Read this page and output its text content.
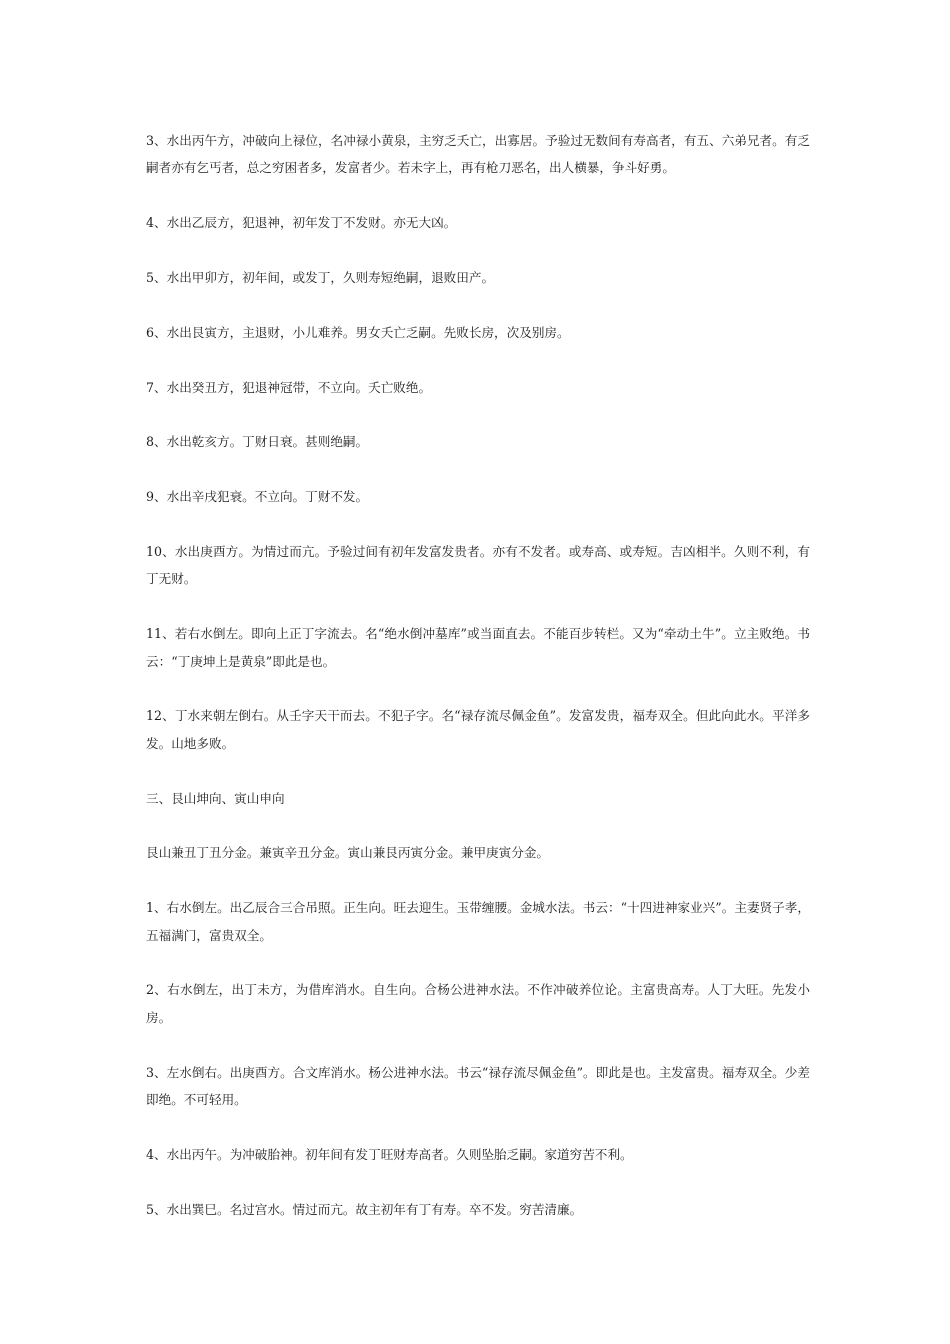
3、水出丙午方，冲破向上禄位，名冲禄小黄泉，主穷乏夭亡，出寡居。予验过无数间有寿高者，有五、六弟兄者。有乏嗣者亦有乞丐者，总之穷困者多，发富者少。若未字上，再有枪刀恶名，出人横暴，争斗好勇。

4、水出乙辰方，犯退神，初年发丁不发财。亦无大凶。

5、水出甲卯方，初年间，或发丁，久则寿短绝嗣，退败田产。

6、水出艮寅方，主退财，小儿难养。男女夭亡乏嗣。先败长房，次及别房。

7、水出癸丑方，犯退神冠带，不立向。夭亡败绝。

8、水出乾亥方。丁财日衰。甚则绝嗣。

9、水出辛戌犯衰。不立向。丁财不发。

10、水出庚酉方。为情过而亢。予验过间有初年发富发贵者。亦有不发者。或寿高、或寿短。吉凶相半。久则不利，有丁无财。

11、若右水倒左。即向上正丁字流去。名“绝水倒冲墓库”或当面直去。不能百步转栏。又为“牵动土牛”。立主败绝。书云：“丁庚坤上是黄泉”即此是也。

12、丁水来朝左倒右。从壬字天干而去。不犯子字。名“禄存流尽佩金鱼”。发富发贵，福寿双全。但此向此水。平洋多发。山地多败。

三、艮山坤向、寅山申向

艮山兼丑丁丑分金。兼寅辛丑分金。寅山兼艮丙寅分金。兼甲庚寅分金。

1、右水倒左。出乙辰合三合吊照。正生向。旺去迎生。玉带缠腰。金城水法。书云：“十四进神家业兴”。主妻贤子孝，五福满门，富贵双全。

2、右水倒左，出丁未方，为借库消水。自生向。合杨公进神水法。不作冲破养位论。主富贵高寿。人丁大旺。先发小房。

3、左水倒右。出庚酉方。合文库消水。杨公进神水法。书云“禄存流尽佩金鱼”。即此是也。主发富贵。福寿双全。少差即绝。不可轻用。

4、水出丙午。为冲破胎神。初年间有发丁旺财寿高者。久则坠胎乏嗣。家道穷苦不利。

5、水出巽巳。名过宫水。情过而亢。故主初年有丁有寿。卒不发。穷苦清廉。
